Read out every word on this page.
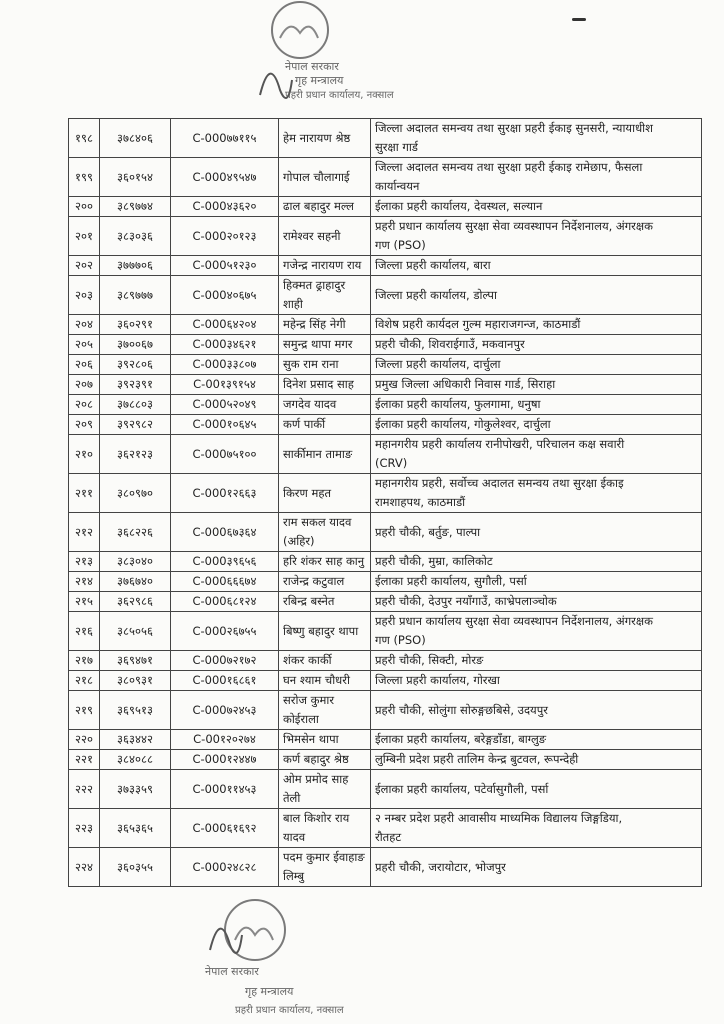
नेपाल सरकार
गृह मन्त्रालय
प्रहरी प्रधान कार्यालय, नक्साल
नेपाल सरकार
गृह मन्त्रालय
प्रहरी प्रधान कार्यालय, नक्साल
१९८	३७८४०६	C-000७७११५	हेम नारायण श्रेष्ठ	जिल्ला अदालत समन्वय तथा सुरक्षा प्रहरी ईकाइ सुनसरी, न्यायाधीश
सुरक्षा गार्ड
१९९	३६०१५४	C-000४९५४७	गोपाल चौलागाई	जिल्ला अदालत समन्वय तथा सुरक्षा प्रहरी ईकाइ रामेछाप, फैसला
कार्यान्वयन
२००	३८९७७४	C-000४३६२०	ढाल बहादुर मल्ल	ईलाका प्रहरी कार्यालय, देवस्थल, सल्यान
२०१	३८३०३६	C-000२०१२३	रामेश्वर सहनी	प्रहरी प्रधान कार्यालय सुरक्षा सेवा व्यवस्थापन निर्देशनालय, अंगरक्षक
गण (PSO)
२०२	३७७७०६	C-000५१२३०	गजेन्द्र नारायण राय	जिल्ला प्रहरी कार्यालय, बारा
२०३	३८९७७७	C-000४०६७५	हिक्मत ढ्राहादुर
शाही	जिल्ला प्रहरी कार्यालय, डोल्पा
२०४	३६०२९१	C-000६४२०४	महेन्द्र सिंह नेगी	विशेष प्रहरी कार्यदल गुल्म महाराजगन्ज, काठमाडौं
२०५	३७००६७	C-000३४६२१	समुन्द्र थापा मगर	प्रहरी चौकी, शिवराईगाउँ, मकवानपुर
२०६	३९२८०६	C-000३३८०७	सुक राम राना	जिल्ला प्रहरी कार्यालय, दार्चुला
२०७	३९२३९१	C-00१३९१५४	दिनेश प्रसाद साह	प्रमुख जिल्ला अधिकारी निवास गार्ड, सिराहा
२०८	३७८८०३	C-000५२०४९	जगदेव यादव	ईलाका प्रहरी कार्यालय, फुलगामा, धनुषा
२०९	३९२९८२	C-000१०६४५	कर्ण पार्की	ईलाका प्रहरी कार्यालय, गोकुलेश्वर, दार्चुला
२१०	३६२१२३	C-000७५१००	सार्कीमान तामाङ	महानगरीय प्रहरी कार्यालय रानीपोखरी, परिचालन कक्ष सवारी
(CRV)
२११	३८०९७०	C-000१२६६३	किरण महत	महानगरीय प्रहरी, सर्वोच्च अदालत समन्वय तथा सुरक्षा ईकाइ
रामशाहपथ, काठमाडौं
२१२	३६८२२६	C-000६७३६४	राम सकल यादव
(अहिर)	प्रहरी चौकी, बर्तुङ, पाल्पा
२१३	३८३०४०	C-000३९६५६	हरि शंकर साह कानु	प्रहरी चौकी, मुम्रा, कालिकोट
२१४	३७६७४०	C-000६६६७४	राजेन्द्र कटुवाल	ईलाका प्रहरी कार्यालय, सुगौली, पर्सा
२१५	३६२९८६	C-000६८१२४	रबिन्द्र बस्नेत	प्रहरी चौकी, देउपुर नयाँगाउँ, काभ्रेपलाञ्चोक
२१६	३८५०५६	C-000२६७५५	बिष्णु बहादुर थापा	प्रहरी प्रधान कार्यालय सुरक्षा सेवा व्यवस्थापन निर्देशनालय, अंगरक्षक
गण (PSO)
२१७	३६९४७१	C-000७२१७२	शंकर कार्की	प्रहरी चौकी, सिक्टी, मोरङ
२१८	३८०९३१	C-000१६८६१	घन श्याम चौधरी	जिल्ला प्रहरी कार्यालय, गोरखा
२१९	३६९५१३	C-000७२४५३	सरोज कुमार
कोईराला	प्रहरी चौकी, सोलुंगा सोरुङ्गछबिसे, उदयपुर
२२०	३६३४४२	C-00१२०२७४	भिमसेन थापा	ईलाका प्रहरी कार्यालय, बरेङ्गडाँडा, बाग्लुङ
२२१	३८४०८८	C-000१२४४७	कर्ण बहादुर श्रेष्ठ	लुम्बिनी प्रदेश प्रहरी तालिम केन्द्र बुटवल, रूपन्देही
२२२	३७३३५९	C-000११४५३	ओम प्रमोद साह
तेली	ईलाका प्रहरी कार्यालय, पटेर्वासुगौली, पर्सा
२२३	३६५३६५	C-000६१६९२	बाल किशोर राय
यादव	२ नम्बर प्रदेश प्रहरी आवासीय माध्यमिक विद्यालय जिङ्गडिया,
रौतहट
२२४	३६०३५५	C-000२४८२८	पदम कुमार ईवाहाङ
लिम्बु	प्रहरी चौकी, जरायोटार, भोजपुर
